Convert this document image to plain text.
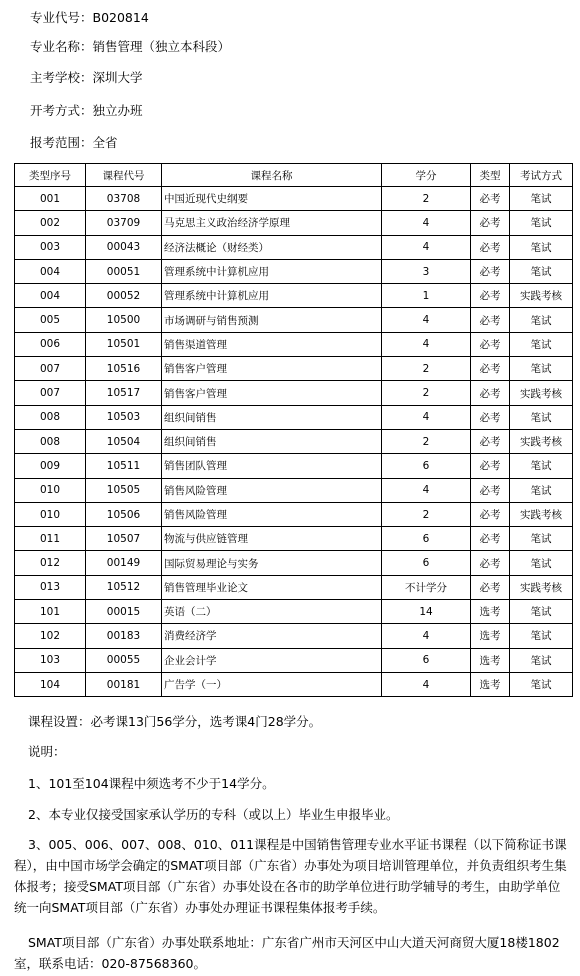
专业代号：B020814
专业名称：销售管理（独立本科段）
主考学校：深圳大学
开考方式：独立办班
报考范围：全省
类型序号	课程代号	课程名称	学分	类型	考试方式
001	03708	中国近现代史纲要	2	必考	笔试
002	03709	马克思主义政治经济学原理	4	必考	笔试
003	00043	经济法概论（财经类）	4	必考	笔试
004	00051	管理系统中计算机应用	3	必考	笔试
004	00052	管理系统中计算机应用	1	必考	实践考核
005	10500	市场调研与销售预测	4	必考	笔试
006	10501	销售渠道管理	4	必考	笔试
007	10516	销售客户管理	2	必考	笔试
007	10517	销售客户管理	2	必考	实践考核
008	10503	组织间销售	4	必考	笔试
008	10504	组织间销售	2	必考	实践考核
009	10511	销售团队管理	6	必考	笔试
010	10505	销售风险管理	4	必考	笔试
010	10506	销售风险管理	2	必考	实践考核
011	10507	物流与供应链管理	6	必考	笔试
012	00149	国际贸易理论与实务	6	必考	笔试
013	10512	销售管理毕业论文	不计学分	必考	实践考核
101	00015	英语（二）	14	选考	笔试
102	00183	消费经济学	4	选考	笔试
103	00055	企业会计学	6	选考	笔试
104	00181	广告学（一）	4	选考	笔试
课程设置：必考课13门56学分，选考课4门28学分。
说明：
1、101至104课程中须选考不少于14学分。
2、本专业仅接受国家承认学历的专科（或以上）毕业生申报毕业。
3、005、006、007、008、010、011课程是中国销售管理专业水平证书课程（以下简称证书课程），由中国市场学会确定的SMAT项目部（广东省）办事处为项目培训管理单位，并负责组织考生集体报考；接受SMAT项目部（广东省）办事处设在各市的助学单位进行助学辅导的考生，由助学单位统一向SMAT项目部（广东省）办事处办理证书课程集体报考手续。
SMAT项目部（广东省）办事处联系地址：广东省广州市天河区中山大道天河商贸大厦18楼1802室，联系电话：020-87568360。
